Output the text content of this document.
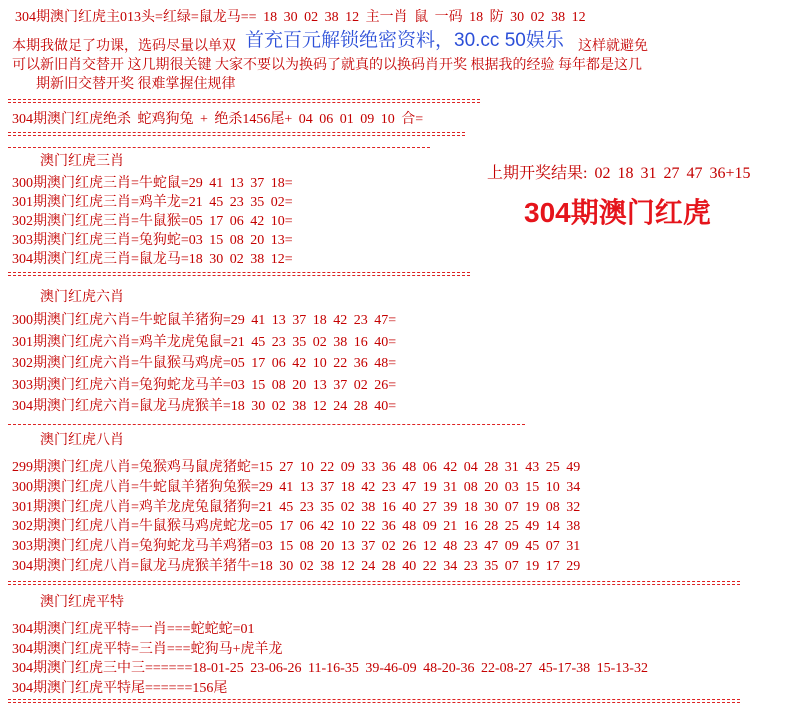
304期澳门红虎主013头=红绿=鼠龙马== 18 30 02 38 12 主一肖 鼠 一码 18 防 30 02 38 12
本期我做足了功课，选码尽量以单双	这样就避免
首充百元解锁绝密资料，30.cc 50娱乐
可以新旧肖交替开 这几期很关键 大家不要以为换码了就真的以换码肖开奖 根据我的经验 每年都是这几
期新旧交替开奖 很难掌握住规律
304期澳门红虎绝杀 蛇鸡狗兔 + 绝杀1456尾+ 04 06 01 09 10 合=
澳门红虎三肖
300期澳门红虎三肖=牛蛇鼠=29 41 13 37 18=
301期澳门红虎三肖=鸡羊龙=21 45 23 35 02=
302期澳门红虎三肖=牛鼠猴=05 17 06 42 10=
303期澳门红虎三肖=兔狗蛇=03 15 08 20 13=
304期澳门红虎三肖=鼠龙马=18 30 02 38 12=
上期开奖结果: 02 18 31 27 47 36+15
304期澳门红虎
澳门红虎六肖
300期澳门红虎六肖=牛蛇鼠羊猪狗=29 41 13 37 18 42 23 47=
301期澳门红虎六肖=鸡羊龙虎兔鼠=21 45 23 35 02 38 16 40=
302期澳门红虎六肖=牛鼠猴马鸡虎=05 17 06 42 10 22 36 48=
303期澳门红虎六肖=兔狗蛇龙马羊=03 15 08 20 13 37 02 26=
304期澳门红虎六肖=鼠龙马虎猴羊=18 30 02 38 12 24 28 40=
澳门红虎八肖
299期澳门红虎八肖=兔猴鸡马鼠虎猪蛇=15 27 10 22 09 33 36 48 06 42 04 28 31 43 25 49
300期澳门红虎八肖=牛蛇鼠羊猪狗兔猴=29 41 13 37 18 42 23 47 19 31 08 20 03 15 10 34
301期澳门红虎八肖=鸡羊龙虎兔鼠猪狗=21 45 23 35 02 38 16 40 27 39 18 30 07 19 08 32
302期澳门红虎八肖=牛鼠猴马鸡虎蛇龙=05 17 06 42 10 22 36 48 09 21 16 28 25 49 14 38
303期澳门红虎八肖=兔狗蛇龙马羊鸡猪=03 15 08 20 13 37 02 26 12 48 23 47 09 45 07 31
304期澳门红虎八肖=鼠龙马虎猴羊猪牛=18 30 02 38 12 24 28 40 22 34 23 35 07 19 17 29
澳门红虎平特
304期澳门红虎平特=一肖===蛇蛇蛇=01
304期澳门红虎平特=三肖===蛇狗马+虎羊龙
304期澳门红虎三中三======18-01-25 23-06-26 11-16-35 39-46-09 48-20-36 22-08-27 45-17-38 15-13-32
304期澳门红虎平特尾======156尾
